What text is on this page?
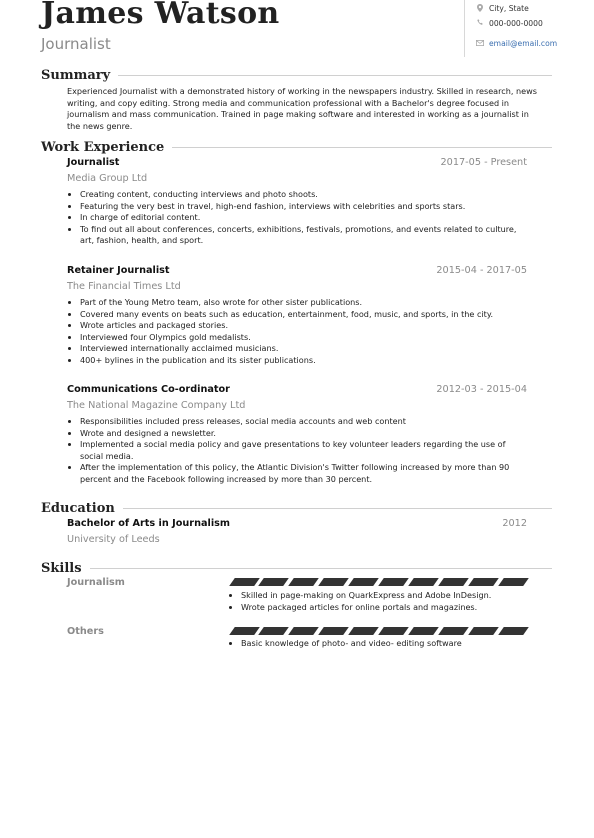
James Watson
Journalist
City, State
000-000-0000
email@email.com
Summary
Experienced Journalist with a demonstrated history of working in the newspapers industry. Skilled in research, news writing, and copy editing. Strong media and communication professional with a Bachelor's degree focused in journalism and mass communication. Trained in page making software and interested in working as a journalist in the news genre.
Work Experience
Journalist	2017-05 - Present
Media Group Ltd
• Creating content, conducting interviews and photo shoots.
• Featuring the very best in travel, high-end fashion, interviews with celebrities and sports stars.
• In charge of editorial content.
• To find out all about conferences, concerts, exhibitions, festivals, promotions, and events related to culture, art, fashion, health, and sport.
Retainer Journalist	2015-04 - 2017-05
The Financial Times Ltd
• Part of the Young Metro team, also wrote for other sister publications.
• Covered many events on beats such as education, entertainment, food, music, and sports, in the city.
• Wrote articles and packaged stories.
• Interviewed four Olympics gold medalists.
• Interviewed internationally acclaimed musicians.
• 400+ bylines in the publication and its sister publications.
Communications Co-ordinator	2012-03 - 2015-04
The National Magazine Company Ltd
• Responsibilities included press releases, social media accounts and web content
• Wrote and designed a newsletter.
• Implemented a social media policy and gave presentations to key volunteer leaders regarding the use of social media.
• After the implementation of this policy, the Atlantic Division's Twitter following increased by more than 90 percent and the Facebook following increased by more than 30 percent.
Education
Bachelor of Arts in Journalism	2012
University of Leeds
Skills
Journalism
• Skilled in page-making on QuarkExpress and Adobe InDesign.
• Wrote packaged articles for online portals and magazines.
Others
• Basic knowledge of photo- and video- editing software
